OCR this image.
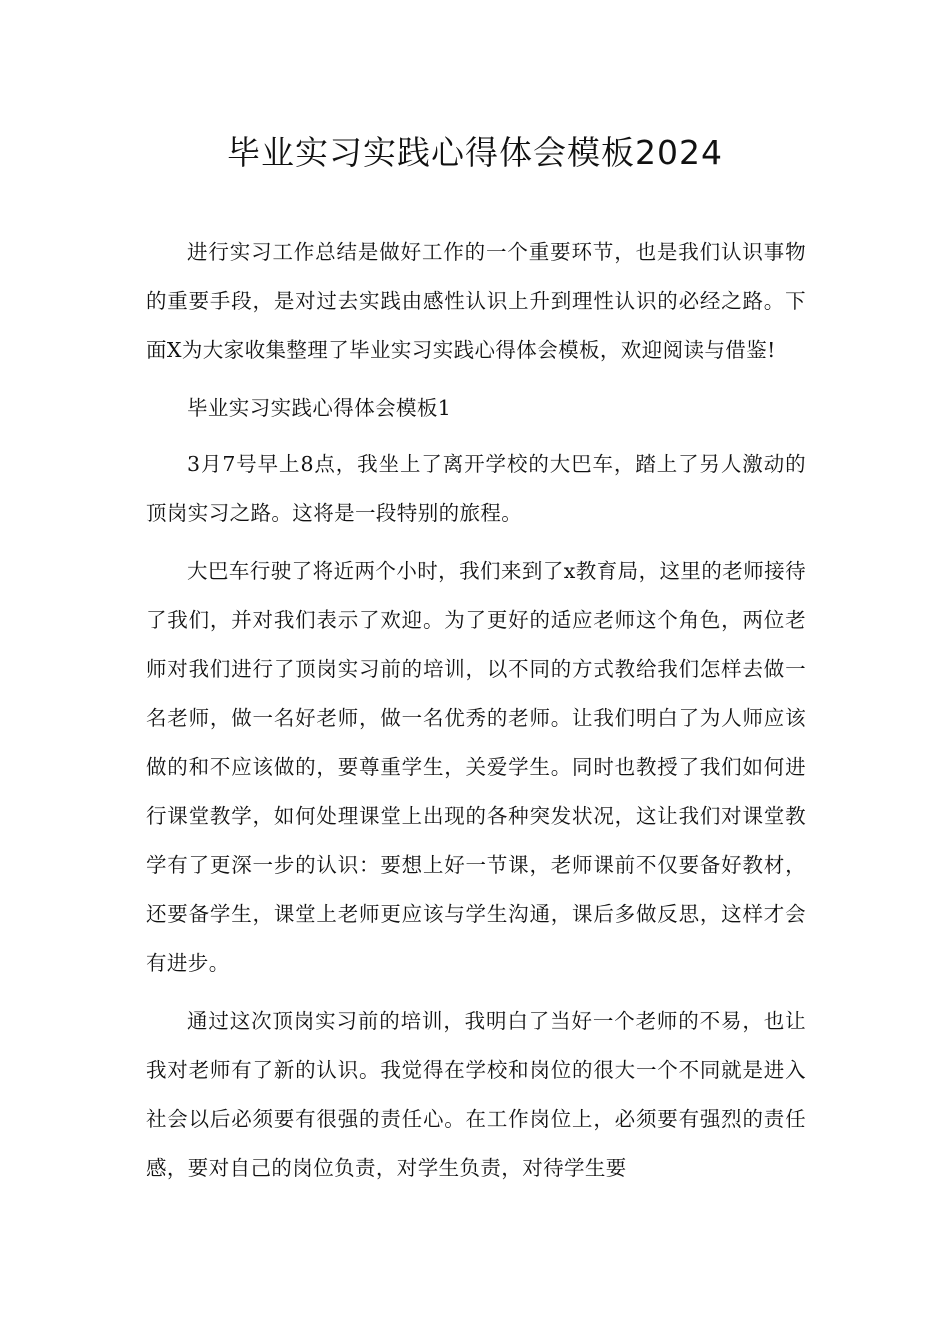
毕业实习实践心得体会模板2024

进行实习工作总结是做好工作的一个重要环节，也是我们认识事物的重要手段，是对过去实践由感性认识上升到理性认识的必经之路。下面X为大家收集整理了毕业实习实践心得体会模板，欢迎阅读与借鉴!

毕业实习实践心得体会模板1

3月7号早上8点，我坐上了离开学校的大巴车，踏上了另人激动的顶岗实习之路。这将是一段特别的旅程。

大巴车行驶了将近两个小时，我们来到了x教育局，这里的老师接待了我们，并对我们表示了欢迎。为了更好的适应老师这个角色，两位老师对我们进行了顶岗实习前的培训，以不同的方式教给我们怎样去做一名老师，做一名好老师，做一名优秀的老师。让我们明白了为人师应该做的和不应该做的，要尊重学生，关爱学生。同时也教授了我们如何进行课堂教学，如何处理课堂上出现的各种突发状况，这让我们对课堂教学有了更深一步的认识：要想上好一节课，老师课前不仅要备好教材，还要备学生，课堂上老师更应该与学生沟通，课后多做反思，这样才会有进步。

通过这次顶岗实习前的培训，我明白了当好一个老师的不易，也让我对老师有了新的认识。我觉得在学校和岗位的很大一个不同就是进入社会以后必须要有很强的责任心。在工作岗位上，必须要有强烈的责任感，要对自己的岗位负责，对学生负责，对待学生要
